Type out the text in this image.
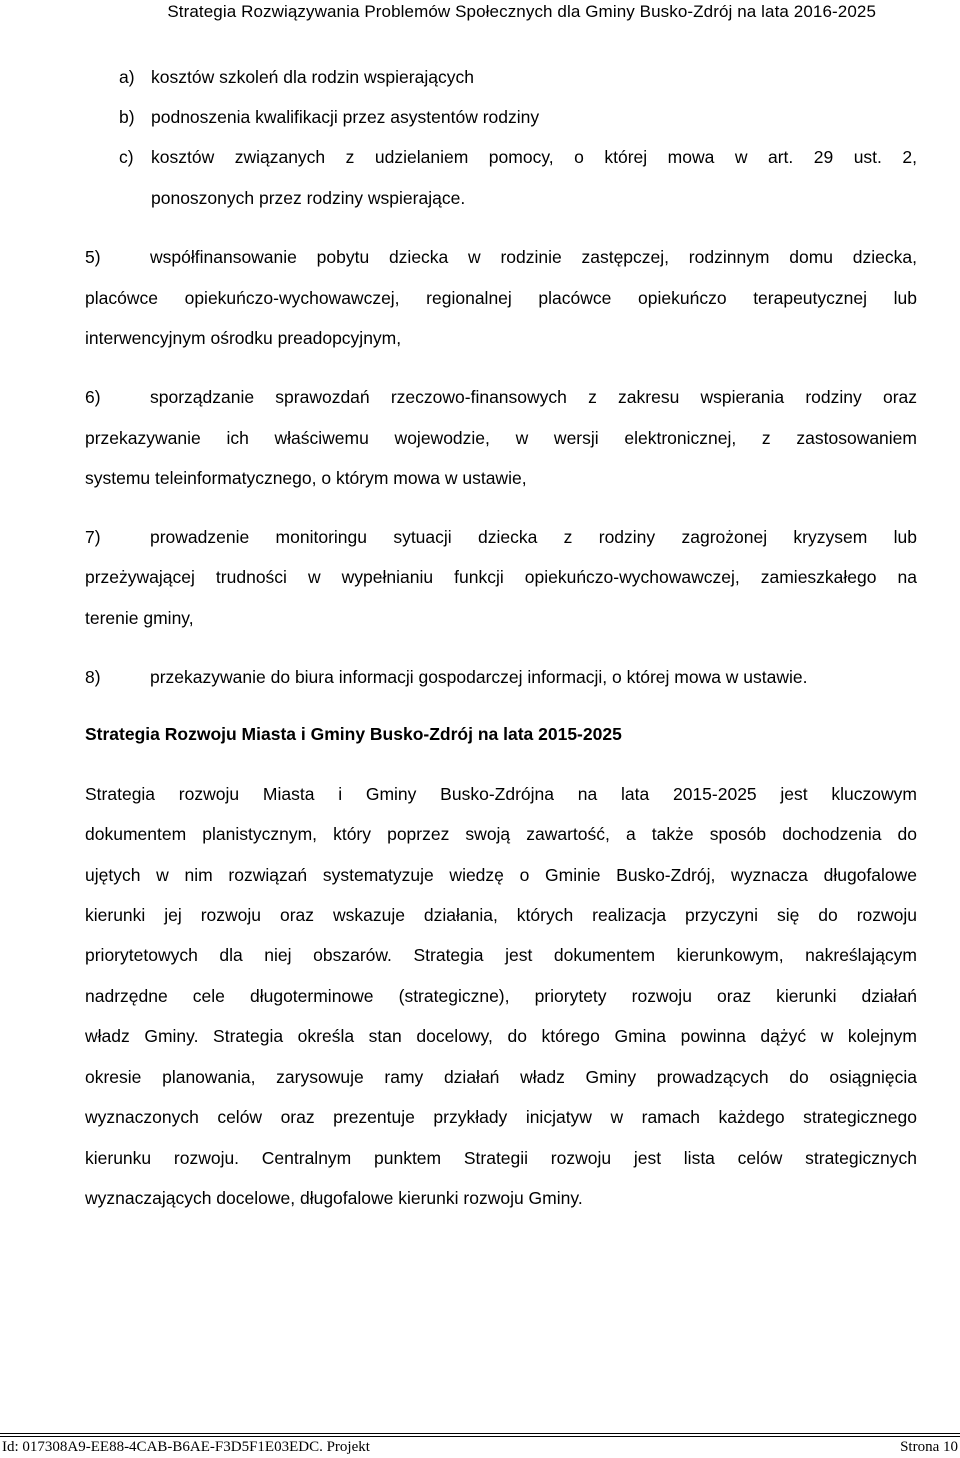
Strategia Rozwiązywania Problemów Społecznych dla Gminy Busko-Zdrój na lata 2016-2025
a) kosztów szkoleń dla rodzin wspierających
b) podnoszenia kwalifikacji przez asystentów rodziny
c) kosztów związanych z udzielaniem pomocy, o której mowa w art. 29 ust. 2,
ponoszonych przez rodziny wspierające.
5)	współfinansowanie pobytu dziecka w rodzinie zastępczej, rodzinnym domu dziecka,
placówce opiekuńczo-wychowawczej, regionalnej placówce opiekuńczo terapeutycznej lub
interwencyjnym ośrodku preadopcyjnym,
6)	sporządzanie sprawozdań rzeczowo-finansowych z zakresu wspierania rodziny oraz
przekazywanie ich właściwemu wojewodzie, w wersji elektronicznej, z zastosowaniem
systemu teleinformatycznego, o którym mowa w ustawie,
7)	prowadzenie monitoringu sytuacji dziecka z rodziny zagrożonej kryzysem lub
przeżywającej trudności w wypełnianiu funkcji opiekuńczo-wychowawczej, zamieszkałego na
terenie gminy,
8)	przekazywanie do biura informacji gospodarczej informacji, o której mowa w ustawie.
Strategia Rozwoju Miasta i Gminy Busko-Zdrój na lata 2015-2025
Strategia rozwoju Miasta i Gminy Busko-Zdrójna na lata 2015-2025 jest kluczowym
dokumentem planistycznym, który poprzez swoją zawartość, a także sposób dochodzenia do
ujętych w nim rozwiązań systematyzuje wiedzę o Gminie Busko-Zdrój, wyznacza długofalowe
kierunki jej rozwoju oraz wskazuje działania, których realizacja przyczyni się do rozwoju
priorytetowych dla niej obszarów. Strategia jest dokumentem kierunkowym, nakreślającym
nadrzędne cele długoterminowe (strategiczne), priorytety rozwoju oraz kierunki działań
władz Gminy. Strategia określa stan docelowy, do którego Gmina powinna dążyć w kolejnym
okresie planowania, zarysowuje ramy działań władz Gminy prowadzących do osiągnięcia
wyznaczonych celów oraz prezentuje przykłady inicjatyw w ramach każdego strategicznego
kierunku rozwoju. Centralnym punktem Strategii rozwoju jest lista celów strategicznych
wyznaczających docelowe, długofalowe kierunki rozwoju Gminy.
Id: 017308A9-EE88-4CAB-B6AE-F3D5F1E03EDC. Projekt	Strona 10
